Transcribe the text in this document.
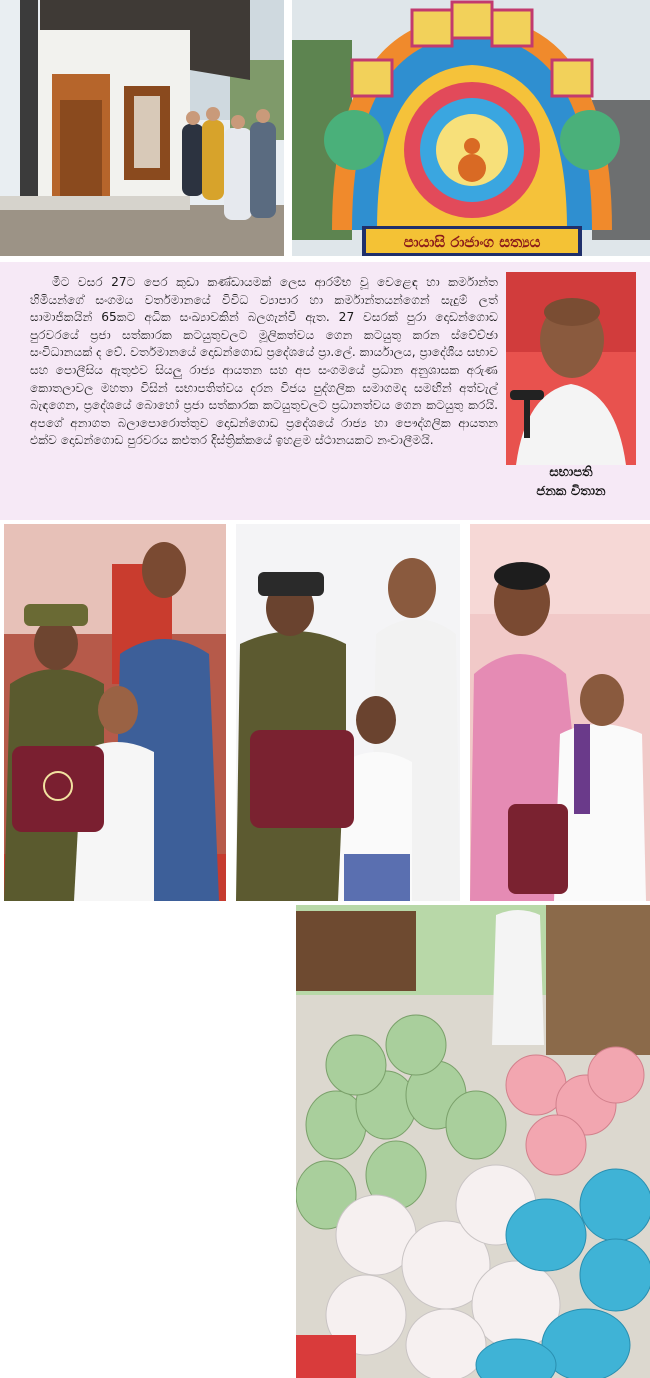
පායාසි රාජාංග සත්‍යය

මීට වසර 27ට පෙර කුඩා කණ්ඩායමක් ලෙස ආරම්භ වූ වෙළෙඳ හා කර්මාන්ත හිමියන්ගේ සංගමය වර්තමානයේ විවිධ ව්‍යාපාර හා කර්මාන්තයන්ගෙන් සැදුම් ලත් සාමාජිකයින් 65කට අධික සංඛ්‍යාවකින් බලගැන්වී ඇත. 27 වසරක් පුරා දොඩන්ගොඩ පුරවරයේ ප්‍රජා සත්කාරක කටයුතුවලට මූලිකත්වය ගෙන කටයුතු කරන ස්වේච්ඡා සංවිධානයක් ද වේ. වර්තමානයේ දොඩන්ගොඩ ප්‍රදේශයේ ප්‍රා.ලේ. කාර්යාලය, ප්‍රාදේශීය සභාව සහ පොලීසිය ඇතුළුව සියලු රාජ්‍ය ආයතන සහ අප සංගමයේ ප්‍රධාන අනුශාසක අරුණ කොතලාවල මහතා විසින් සභාපතිත්වය දරන විජය පුද්ගලික සමාගමද සමඟින් අත්වැල් බැඳගෙන, ප්‍රදේශයේ බොහෝ ප්‍රජා සත්කාරක කටයුතුවලට ප්‍රධානත්වය ගෙන කටයුතු කරයි. අපගේ අනාගත බලාපොරොත්තුව දොඩන්ගොඩ ප්‍රදේශයේ රාජ්‍ය හා පෞද්ගලික ආයතන එක්ව දොඩන්ගොඩ පුරවරය කළුතර දිස්ත්‍රික්කයේ ඉහළම ස්ථානයකට නංවාලීමයි.

සභාපති
ජනක විතාන
